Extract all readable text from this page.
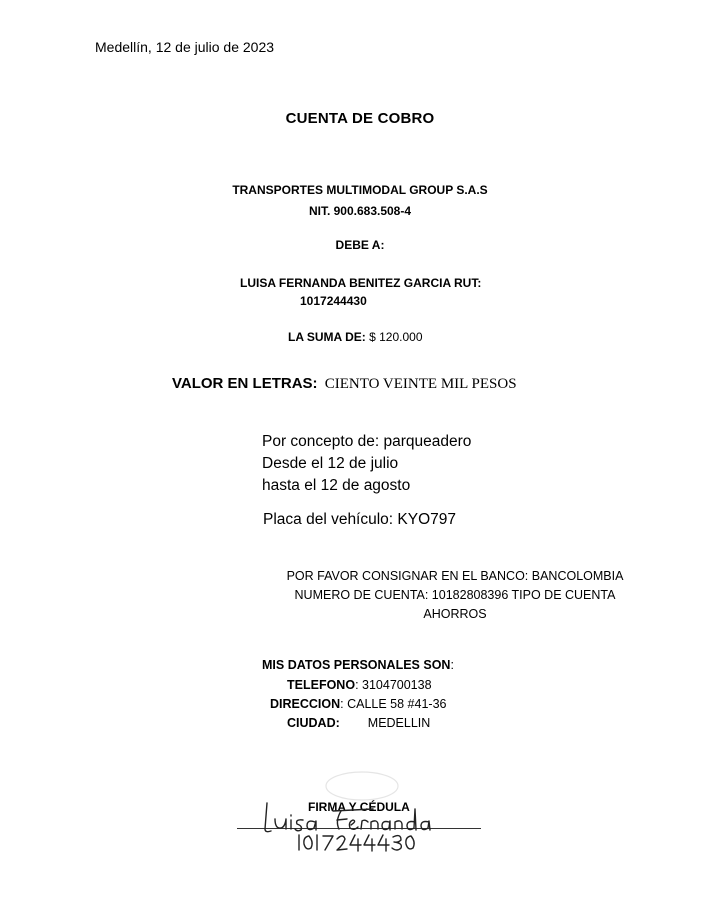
Medellín, 12 de julio de 2023
CUENTA DE COBRO
TRANSPORTES MULTIMODAL GROUP S.A.S
NIT. 900.683.508-4
DEBE A:
LUISA FERNANDA BENITEZ GARCIA RUT:
1017244430
LA SUMA DE: $ 120.000
VALOR EN LETRAS: CIENTO VEINTE MIL PESOS
Por concepto de: parqueadero
Desde el 12 de julio
hasta el 12 de agosto
Placa del vehículo: KYO797
POR FAVOR CONSIGNAR EN EL BANCO: BANCOLOMBIA NUMERO DE CUENTA: 10182808396 TIPO DE CUENTA AHORROS
MIS DATOS PERSONALES SON:
TELEFONO: 3104700138
DIRECCION: CALLE 58 #41-36
CIUDAD: MEDELLIN
FIRMA Y CÉDULA
